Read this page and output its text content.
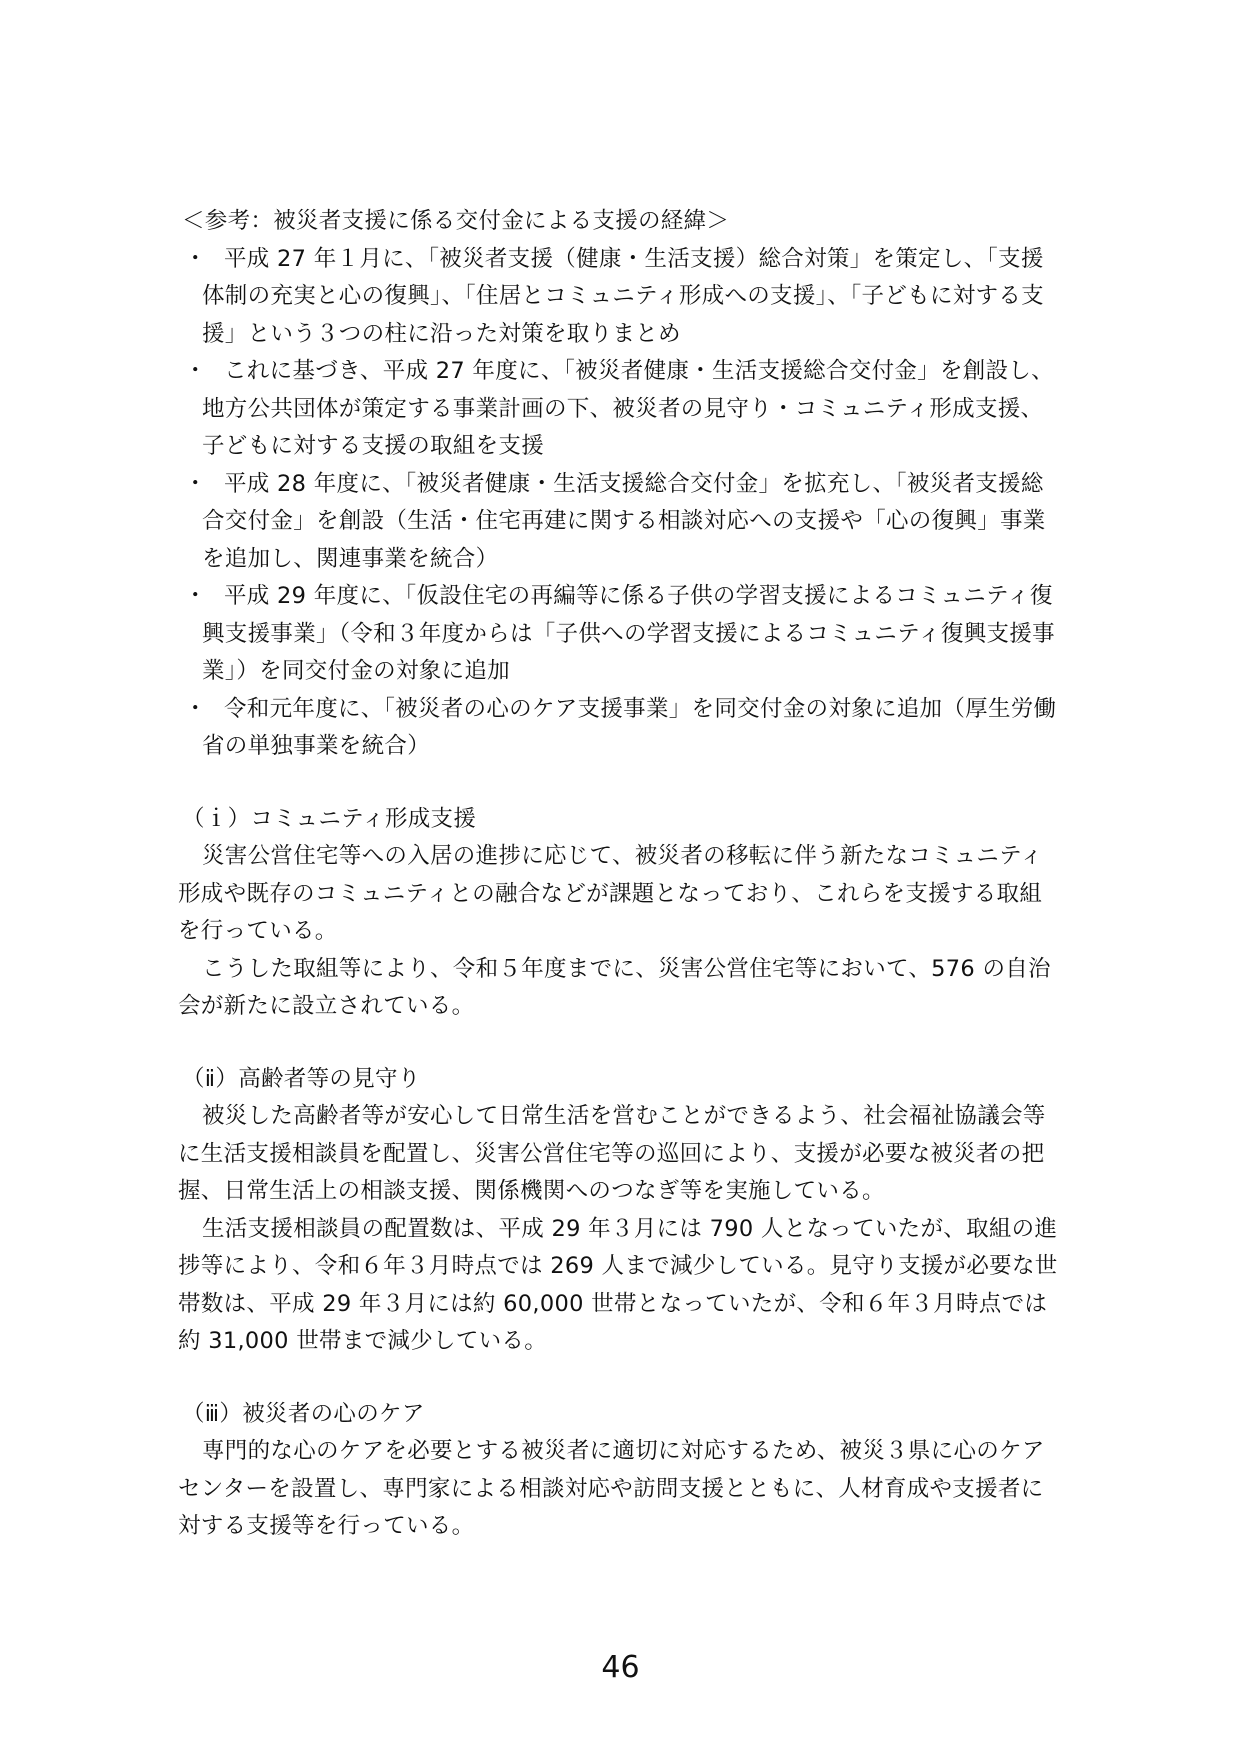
＜参考：被災者支援に係る交付金による支援の経緯＞

・ 平成 27 年１月に、「被災者支援（健康・生活支援）総合対策」を策定し、「支援体制の充実と心の復興」、「住居とコミュニティ形成への支援」、「子どもに対する支援」という３つの柱に沿った対策を取りまとめ
・ これに基づき、平成 27 年度に、「被災者健康・生活支援総合交付金」を創設し、地方公共団体が策定する事業計画の下、被災者の見守り・コミュニティ形成支援、子どもに対する支援の取組を支援
・ 平成 28 年度に、「被災者健康・生活支援総合交付金」を拡充し、「被災者支援総合交付金」を創設（生活・住宅再建に関する相談対応への支援や「心の復興」事業を追加し、関連事業を統合）
・ 平成 29 年度に、「仮設住宅の再編等に係る子供の学習支援によるコミュニティ復興支援事業」（令和３年度からは「子供への学習支援によるコミュニティ復興支援事業」）を同交付金の対象に追加
・ 令和元年度に、「被災者の心のケア支援事業」を同交付金の対象に追加（厚生労働省の単独事業を統合）

（ｉ）コミュニティ形成支援

災害公営住宅等への入居の進捗に応じて、被災者の移転に伴う新たなコミュニティ形成や既存のコミュニティとの融合などが課題となっており、これらを支援する取組を行っている。

こうした取組等により、令和５年度までに、災害公営住宅等において、576 の自治会が新たに設立されている。

（ⅱ）高齢者等の見守り

被災した高齢者等が安心して日常生活を営むことができるよう、社会福祉協議会等に生活支援相談員を配置し、災害公営住宅等の巡回により、支援が必要な被災者の把握、日常生活上の相談支援、関係機関へのつなぎ等を実施している。

生活支援相談員の配置数は、平成 29 年３月には 790 人となっていたが、取組の進捗等により、令和６年３月時点では 269 人まで減少している。見守り支援が必要な世帯数は、平成 29 年３月には約 60,000 世帯となっていたが、令和６年３月時点では約 31,000 世帯まで減少している。

（ⅲ）被災者の心のケア

専門的な心のケアを必要とする被災者に適切に対応するため、被災３県に心のケアセンターを設置し、専門家による相談対応や訪問支援とともに、人材育成や支援者に対する支援等を行っている。

46
